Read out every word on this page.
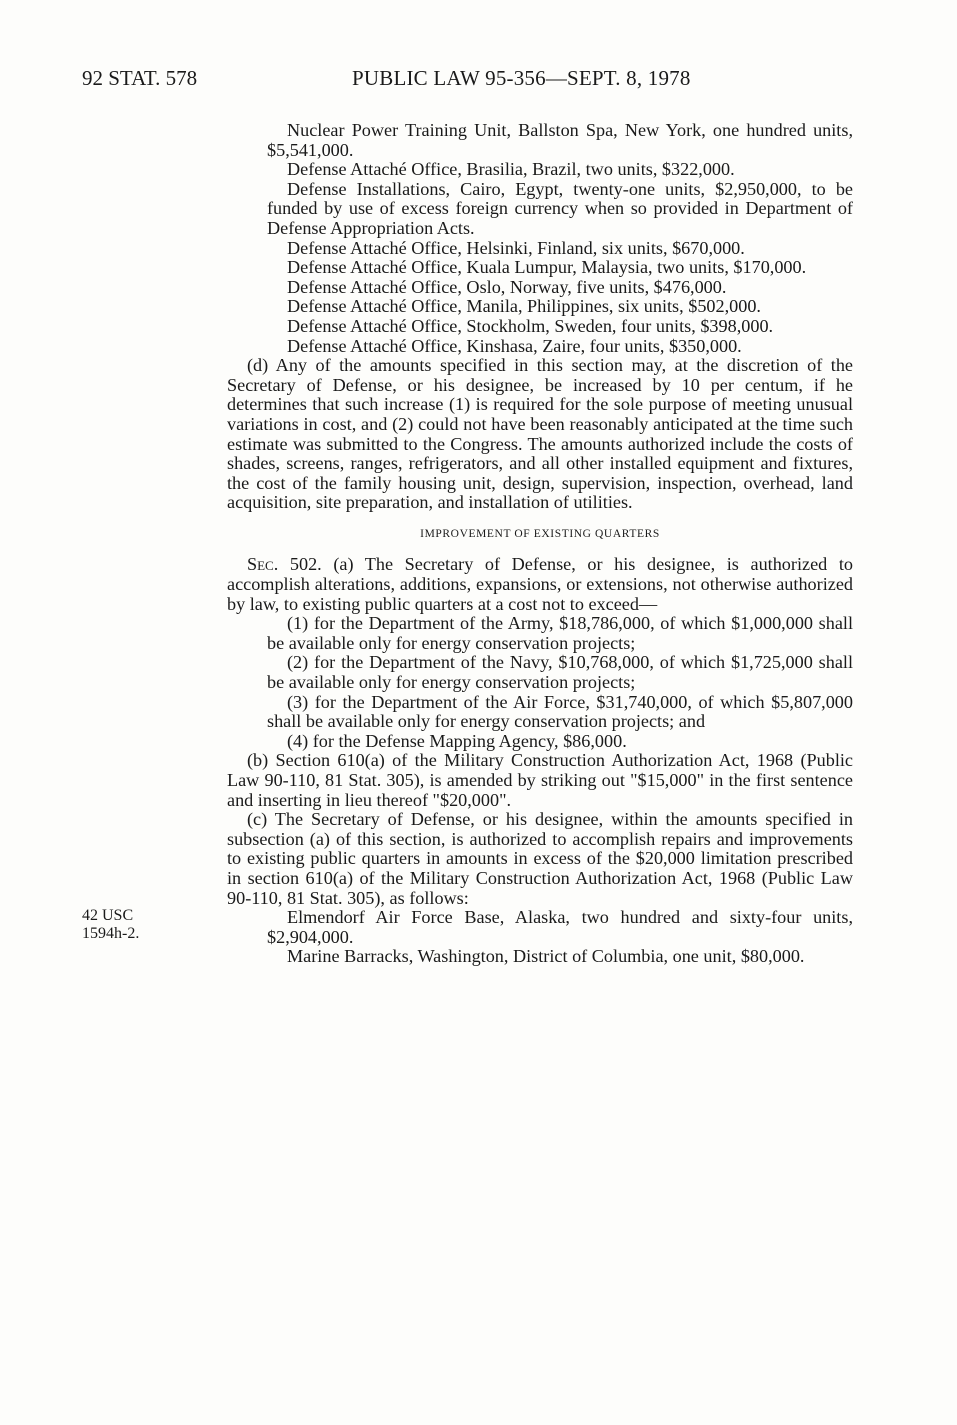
92 STAT. 578	PUBLIC LAW 95-356—SEPT. 8, 1978
42 USC
1594h-2.

Nuclear Power Training Unit, Ballston Spa, New York, one hundred units, $5,541,000.

Defense Attaché Office, Brasilia, Brazil, two units, $322,000.

Defense Installations, Cairo, Egypt, twenty-one units, $2,950,000, to be funded by use of excess foreign currency when so provided in Department of Defense Appropriation Acts.

Defense Attaché Office, Helsinki, Finland, six units, $670,000.

Defense Attaché Office, Kuala Lumpur, Malaysia, two units, $170,000.

Defense Attaché Office, Oslo, Norway, five units, $476,000.

Defense Attaché Office, Manila, Philippines, six units, $502,000.

Defense Attaché Office, Stockholm, Sweden, four units, $398,000.

Defense Attaché Office, Kinshasa, Zaire, four units, $350,000.

(d) Any of the amounts specified in this section may, at the discretion of the Secretary of Defense, or his designee, be increased by 10 per centum, if he determines that such increase (1) is required for the sole purpose of meeting unusual variations in cost, and (2) could not have been reasonably anticipated at the time such estimate was submitted to the Congress. The amounts authorized include the costs of shades, screens, ranges, refrigerators, and all other installed equipment and fixtures, the cost of the family housing unit, design, supervision, inspection, overhead, land acquisition, site preparation, and installation of utilities.

IMPROVEMENT OF EXISTING QUARTERS

Sec. 502. (a) The Secretary of Defense, or his designee, is authorized to accomplish alterations, additions, expansions, or extensions, not otherwise authorized by law, to existing public quarters at a cost not to exceed—

(1) for the Department of the Army, $18,786,000, of which $1,000,000 shall be available only for energy conservation projects;

(2) for the Department of the Navy, $10,768,000, of which $1,725,000 shall be available only for energy conservation projects;

(3) for the Department of the Air Force, $31,740,000, of which $5,807,000 shall be available only for energy conservation projects; and

(4) for the Defense Mapping Agency, $86,000.

(b) Section 610(a) of the Military Construction Authorization Act, 1968 (Public Law 90-110, 81 Stat. 305), is amended by striking out "$15,000" in the first sentence and inserting in lieu thereof "$20,000".

(c) The Secretary of Defense, or his designee, within the amounts specified in subsection (a) of this section, is authorized to accomplish repairs and improvements to existing public quarters in amounts in excess of the $20,000 limitation prescribed in section 610(a) of the Military Construction Authorization Act, 1968 (Public Law 90-110, 81 Stat. 305), as follows:

Elmendorf Air Force Base, Alaska, two hundred and sixty-four units, $2,904,000.

Marine Barracks, Washington, District of Columbia, one unit, $80,000.
